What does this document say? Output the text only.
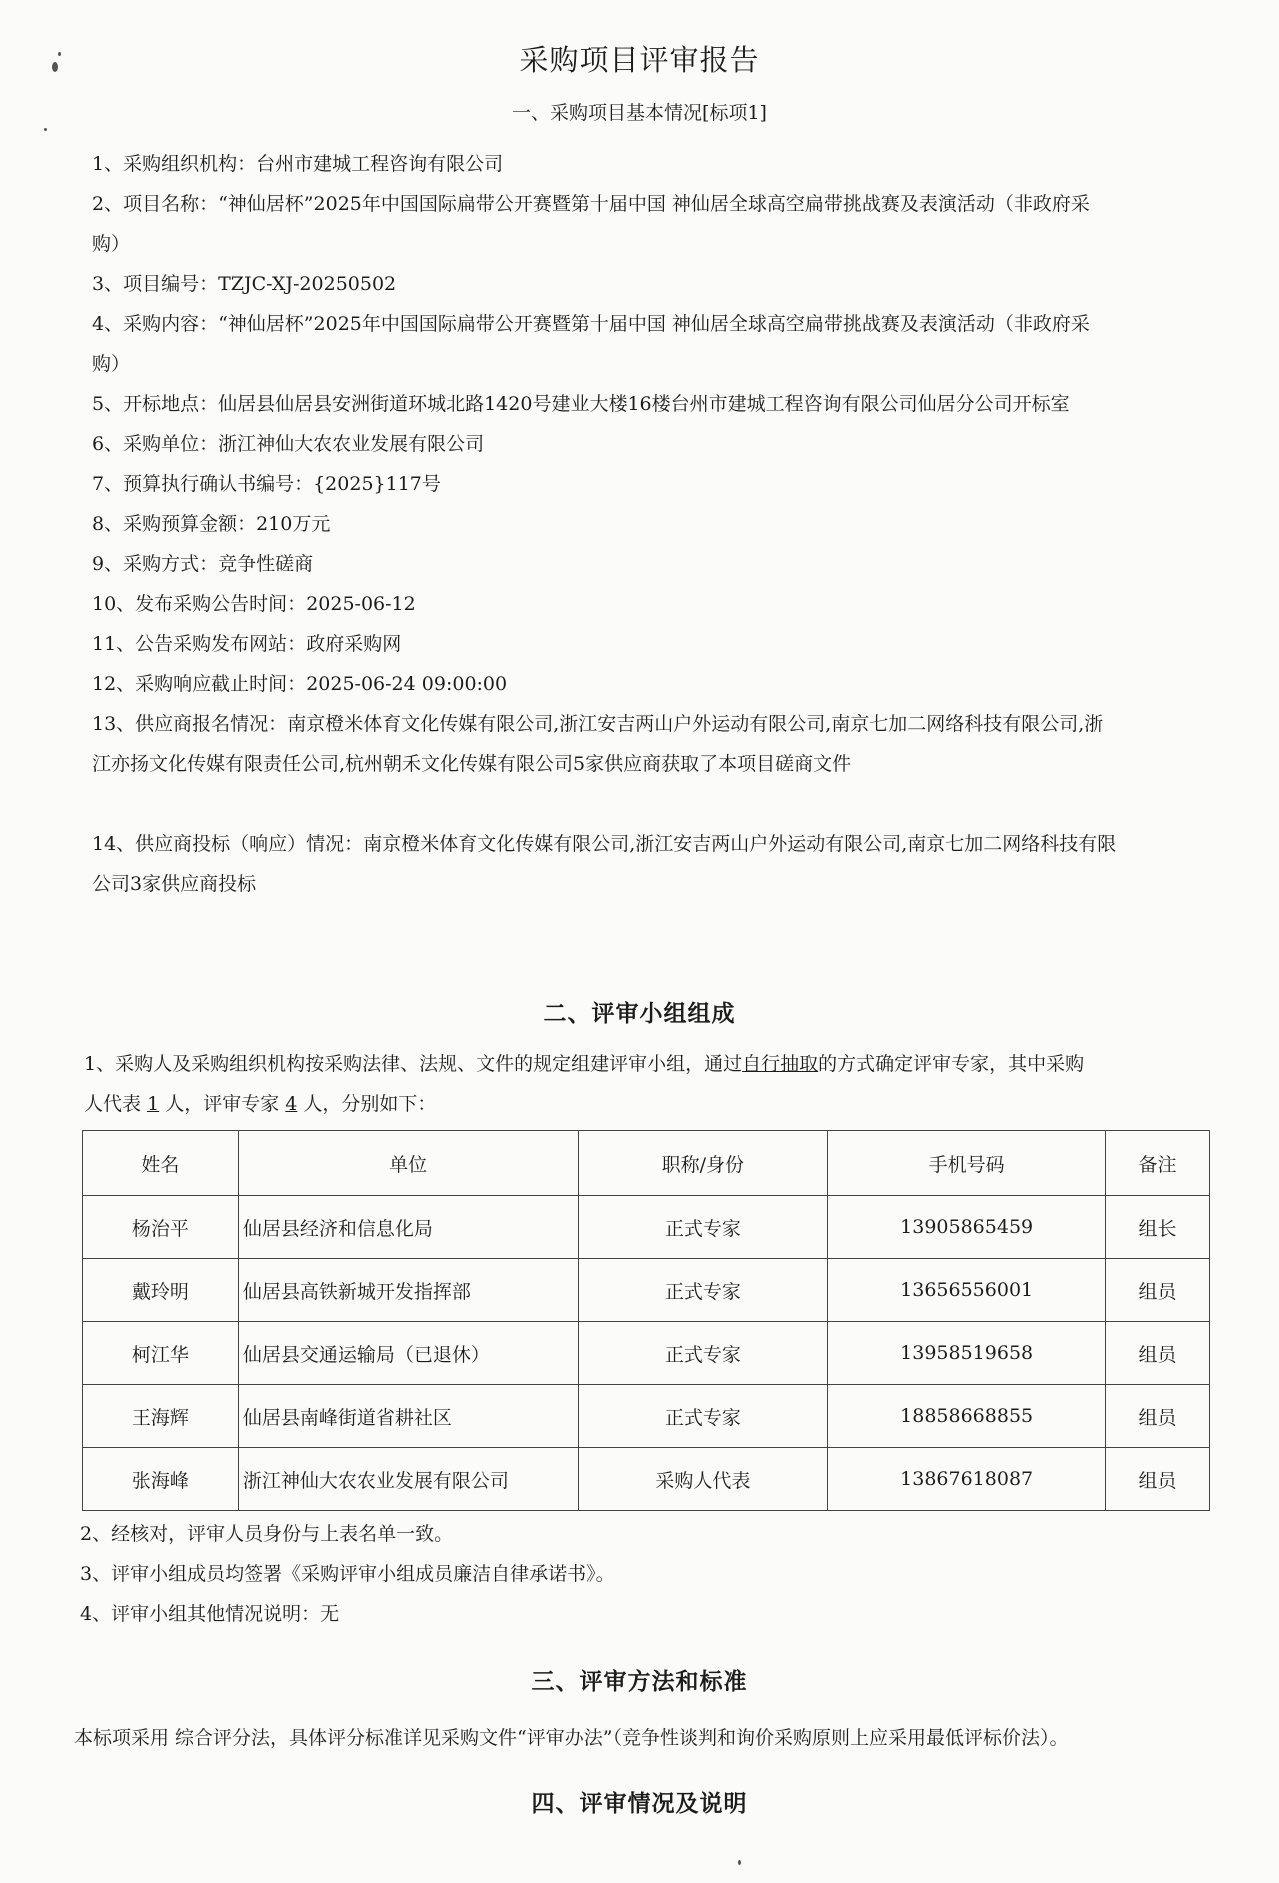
采购项目评审报告
一、采购项目基本情况[标项1]
1、采购组织机构：台州市建城工程咨询有限公司
2、项目名称：“神仙居杯”2025年中国国际扁带公开赛暨第十届中国 神仙居全球高空扁带挑战赛及表演活动（非政府采
购）
3、项目编号：TZJC-XJ-20250502
4、采购内容：“神仙居杯”2025年中国国际扁带公开赛暨第十届中国 神仙居全球高空扁带挑战赛及表演活动（非政府采
购）
5、开标地点：仙居县仙居县安洲街道环城北路1420号建业大楼16楼台州市建城工程咨询有限公司仙居分公司开标室
6、采购单位：浙江神仙大农农业发展有限公司
7、预算执行确认书编号：{2025}117号
8、采购预算金额：210万元
9、采购方式：竞争性磋商
10、发布采购公告时间：2025-06-12
11、公告采购发布网站：政府采购网
12、采购响应截止时间：2025-06-24 09:00:00
13、供应商报名情况：南京橙米体育文化传媒有限公司,浙江安吉两山户外运动有限公司,南京七加二网络科技有限公司,浙
江亦扬文化传媒有限责任公司,杭州朝禾文化传媒有限公司5家供应商获取了本项目磋商文件
14、供应商投标（响应）情况：南京橙米体育文化传媒有限公司,浙江安吉两山户外运动有限公司,南京七加二网络科技有限
公司3家供应商投标
二、评审小组组成
1、采购人及采购组织机构按采购法律、法规、文件的规定组建评审小组，通过自行抽取的方式确定评审专家，其中采购
人代表 1 人，评审专家 4 人，分别如下：
姓名	单位	职称/身份	手机号码	备注
杨治平	仙居县经济和信息化局	正式专家	13905865459	组长
戴玲明	仙居县高铁新城开发指挥部	正式专家	13656556001	组员
柯江华	仙居县交通运输局（已退休）	正式专家	13958519658	组员
王海辉	仙居县南峰街道省耕社区	正式专家	18858668855	组员
张海峰	浙江神仙大农农业发展有限公司	采购人代表	13867618087	组员
2、经核对，评审人员身份与上表名单一致。
3、评审小组成员均签署《采购评审小组成员廉洁自律承诺书》。
4、评审小组其他情况说明：无
三、评审方法和标准
本标项采用 综合评分法，具体评分标准详见采购文件“评审办法”（竞争性谈判和询价采购原则上应采用最低评标价法）。
四、评审情况及说明
